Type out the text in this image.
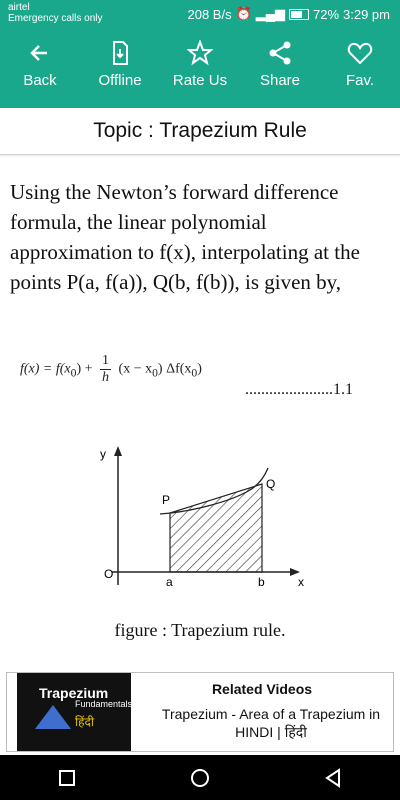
airtel
Emergency calls only	208 B/s ⏰ ▂▄▆ 72% 3:29 pm
Back	Offline Rate Us Share	Fav.
Topic : Trapezium Rule
Using the Newton’s forward difference formula, the linear polynomial approximation to f(x), interpolating at the points P(a, f(a)), Q(b, f(b)), is given by,
$f(x) = f(x_0) + \frac{1}{h} (x - x_0)$ $\Delta f(x_0)$
......................1.1
y
x
O
a	b
P
Q
figure : Trapezium rule.
Trapezium
Fundamentals
हिंदी
Related Videos
Trapezium - Area of a Trapezium in HINDI | हिंदी
